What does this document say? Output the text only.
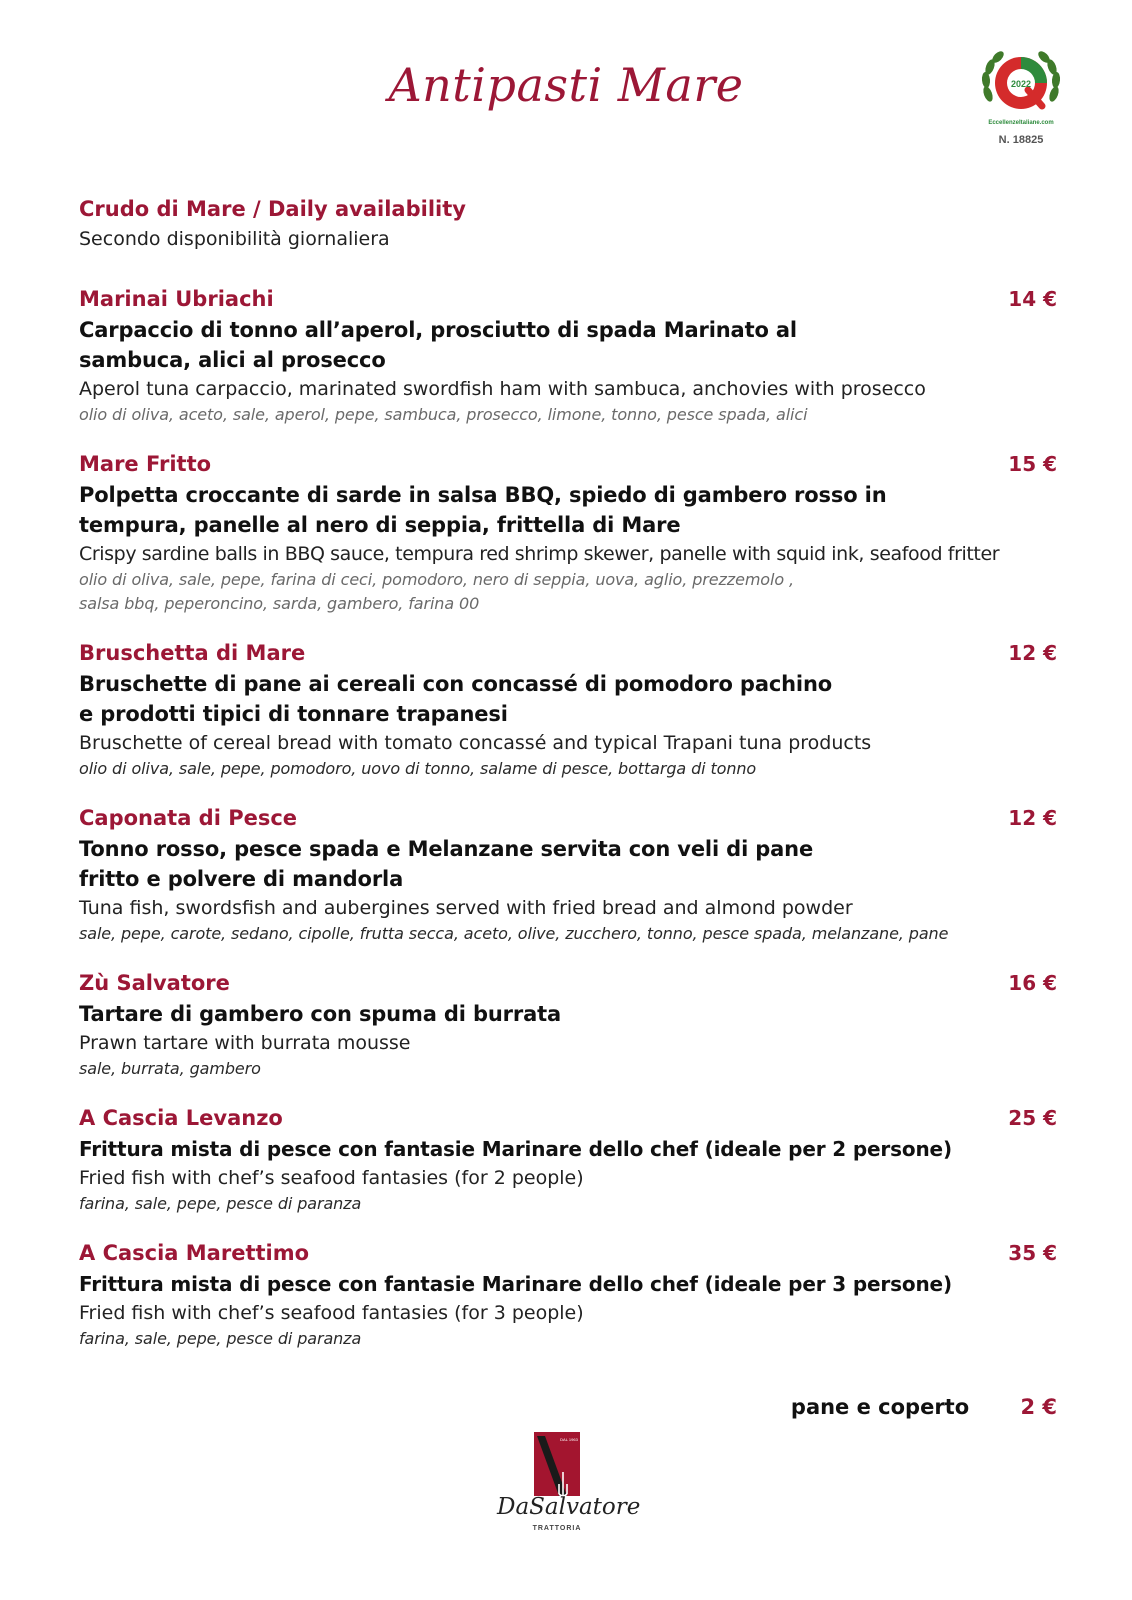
Antipasti Mare	2022
EccellenzeItaliane.com
N. 18825
Crudo di Mare / Daily availability
Secondo disponibilità giornaliera
Marinai Ubriachi	14 €
Carpaccio di tonno all’aperol, prosciutto di spada Marinato al sambuca, alici al prosecco
Aperol tuna carpaccio, marinated swordfish ham with sambuca, anchovies with prosecco
olio di oliva, aceto, sale, aperol, pepe, sambuca, prosecco, limone, tonno, pesce spada, alici
Mare Fritto	15 €
Polpetta croccante di sarde in salsa BBQ, spiedo di gambero rosso in tempura, panelle al nero di seppia, frittella di Mare
Crispy sardine balls in BBQ sauce, tempura red shrimp skewer, panelle with squid ink, seafood fritter
olio di oliva, sale, pepe, farina di ceci, pomodoro, nero di seppia, uova, aglio, prezzemolo , salsa bbq, peperoncino, sarda, gambero, farina 00
Bruschetta di Mare	12 €
Bruschette di pane ai cereali con concassé di pomodoro pachino e prodotti tipici di tonnare trapanesi
Bruschette of cereal bread with tomato concassé and typical Trapani tuna products
olio di oliva, sale, pepe, pomodoro, uovo di tonno, salame di pesce, bottarga di tonno
Caponata di Pesce	12 €
Tonno rosso, pesce spada e Melanzane servita con veli di pane fritto e polvere di mandorla
Tuna fish, swordsfish and aubergines served with fried bread and almond powder
sale, pepe, carote, sedano, cipolle, frutta secca, aceto, olive, zucchero, tonno, pesce spada, melanzane, pane
Zù Salvatore	16 €
Tartare di gambero con spuma di burrata
Prawn tartare with burrata mousse
sale, burrata, gambero
A Cascia Levanzo	25 €
Frittura mista di pesce con fantasie Marinare dello chef (ideale per 2 persone)
Fried fish with chef’s seafood fantasies (for 2 people)
farina, sale, pepe, pesce di paranza
A Cascia Marettimo	35 €
Frittura mista di pesce con fantasie Marinare dello chef (ideale per 3 persone)
Fried fish with chef’s seafood fantasies (for 3 people)
farina, sale, pepe, pesce di paranza
pane e coperto 2 €
DAL 1963
DaSalvatore
TRATTORIA
